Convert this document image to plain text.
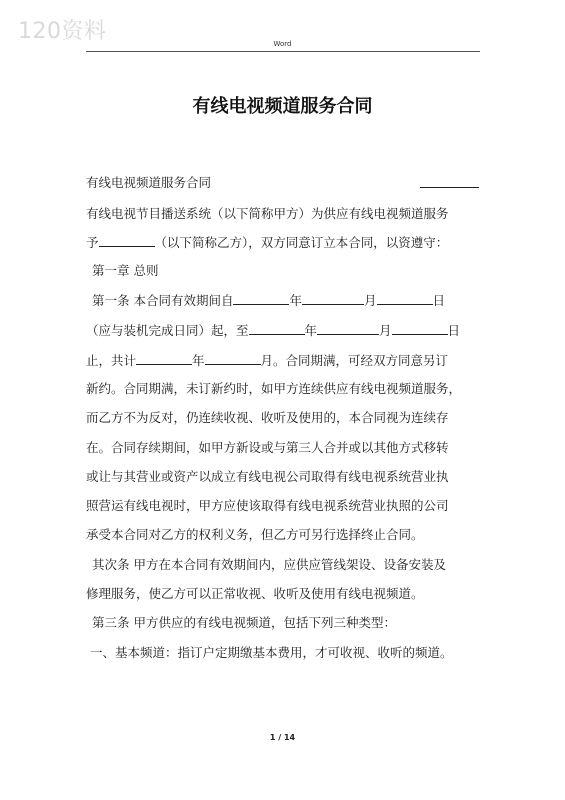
120资料	Word
有线电视频道服务合同
有线电视频道服务合同
有线电视节目播送系统（以下简称甲方）为供应有线电视频道服务
予	（以下简称乙方），双方同意订立本合同，以资遵守：
第一章 总则
第一条 本合同有效期间自	年	月	日
（应与装机完成日同）起，至	年	月	日
止，共计	年	月。合同期满，可经双方同意另订
新约。合同期满，未订新约时，如甲方连续供应有线电视频道服务，
而乙方不为反对，仍连续收视、收听及使用的，本合同视为连续存
在。合同存续期间，如甲方新设或与第三人合并或以其他方式移转
或让与其营业或资产以成立有线电视公司取得有线电视系统营业执
照营运有线电视时，甲方应使该取得有线电视系统营业执照的公司
承受本合同对乙方的权利义务，但乙方可另行选择终止合同。
其次条 甲方在本合同有效期间内，应供应管线架设、设备安装及
修理服务，使乙方可以正常收视、收听及使用有线电视频道。
第三条 甲方供应的有线电视频道，包括下列三种类型：
一、基本频道：指订户定期缴基本费用，才可收视、收听的频道。
1 / 14
